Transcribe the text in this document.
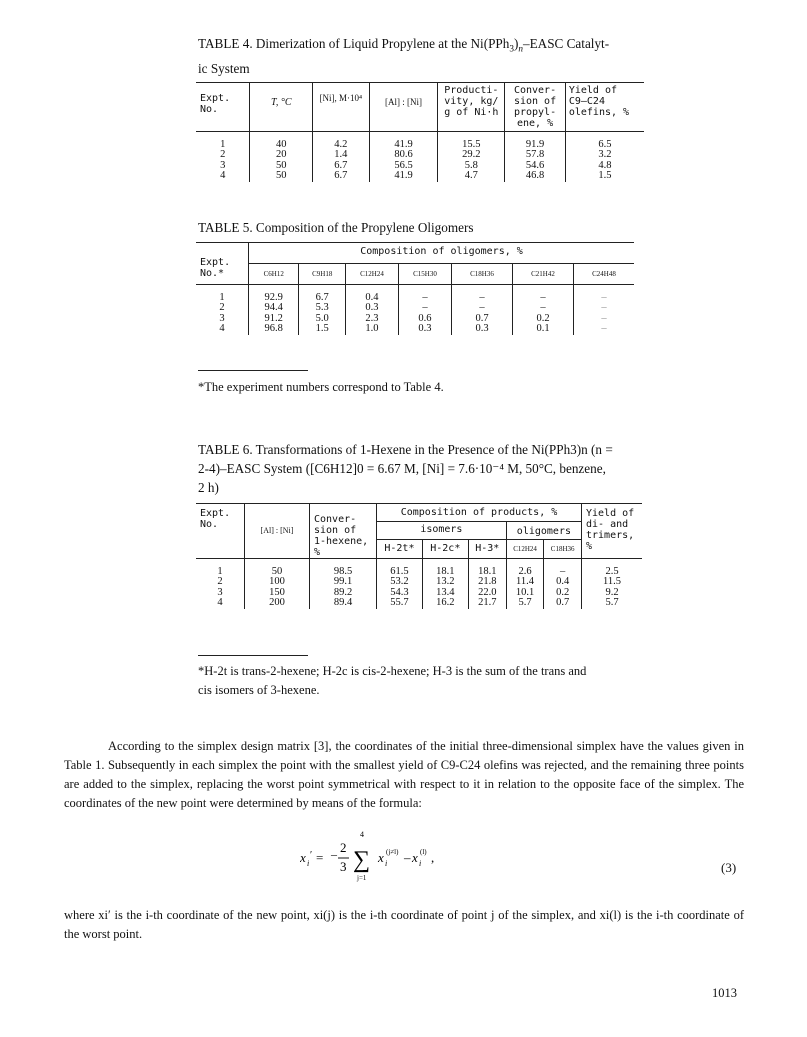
TABLE 4. Dimerization of Liquid Propylene at the $Ni(PPh_3)_n$–EASC Catalyt-
ic System
Expt. No.	T, °C	[Ni], M·10⁴	[Al] : [Ni]	Producti- vity, kg/ g of Ni·h	Conver- sion of propyl- ene, %	Yield of C9–C24 olefins, %

1	40	4.2	41.9	15.5	91.9	6.5
2	20	1.4	80.6	29.2	57.8	3.2
3	50	6.7	56.5	5.8	54.6	4.8
4	50	6.7	41.9	4.7	46.8	1.5
TABLE 5. Composition of the Propylene Oligomers
Expt. No.*	Composition of oligomers, %						
	C6H12	C9H18	C12H24	C15H30	C18H36	C21H42	C24H48

1	92.9	6.7	0.4	–	–	–	–
2	94.4	5.3	0.3	–	–	–	–
3	91.2	5.0	2.3	0.6	0.7	0.2	–
4	96.8	1.5	1.0	0.3	0.3	0.1	–
*The experiment numbers correspond to Table 4.
TABLE 6. Transformations of 1-Hexene in the Presence of the Ni(PPh3)n (n =
2-4)–EASC System ([C6H12]0 = 6.67 M, [Ni] = 7.6·10⁻⁴ M, 50°C, benzene,
2 h)
Expt. No.	[Al] : [Ni]	Conver- sion of 1-hexene, %	Composition of products, %					Yield of di- and trimers, %
			isomers			oligomers		
			H-2t*	H-2c*	H-3*	C12H24	C18H36	

1	50	98.5	61.5	18.1	18.1	2.6	–	2.5
2	100	99.1	53.2	13.2	21.8	11.4	0.4	11.5
3	150	89.2	54.3	13.4	22.0	10.1	0.2	9.2
4	200	89.4	55.7	16.2	21.7	5.7	0.7	5.7
*H-2t is trans-2-hexene; H-2c is cis-2-hexene; H-3 is the sum of the trans and
cis isomers of 3-hexene.
According to the simplex design matrix [3], the coordinates of the initial three-dimensional simplex have the values given in Table 1. Subsequently in each simplex the point with the smallest yield of C9-C24 olefins was rejected, and the remaining three points are added to the simplex, replacing the worst point symmetrical with respect to it in relation to the opposite face of the simplex. The coordinates of the new point were determined by means of the formula:
x i
′ = – 2
3
4
∑
j=1
x i
(j≠l) – x i
(l) ,
(3)
where xi′ is the i-th coordinate of the new point, xi(j) is the i-th coordinate of point j of the simplex, and xi(l) is the i-th coordinate of the worst point.
1013
